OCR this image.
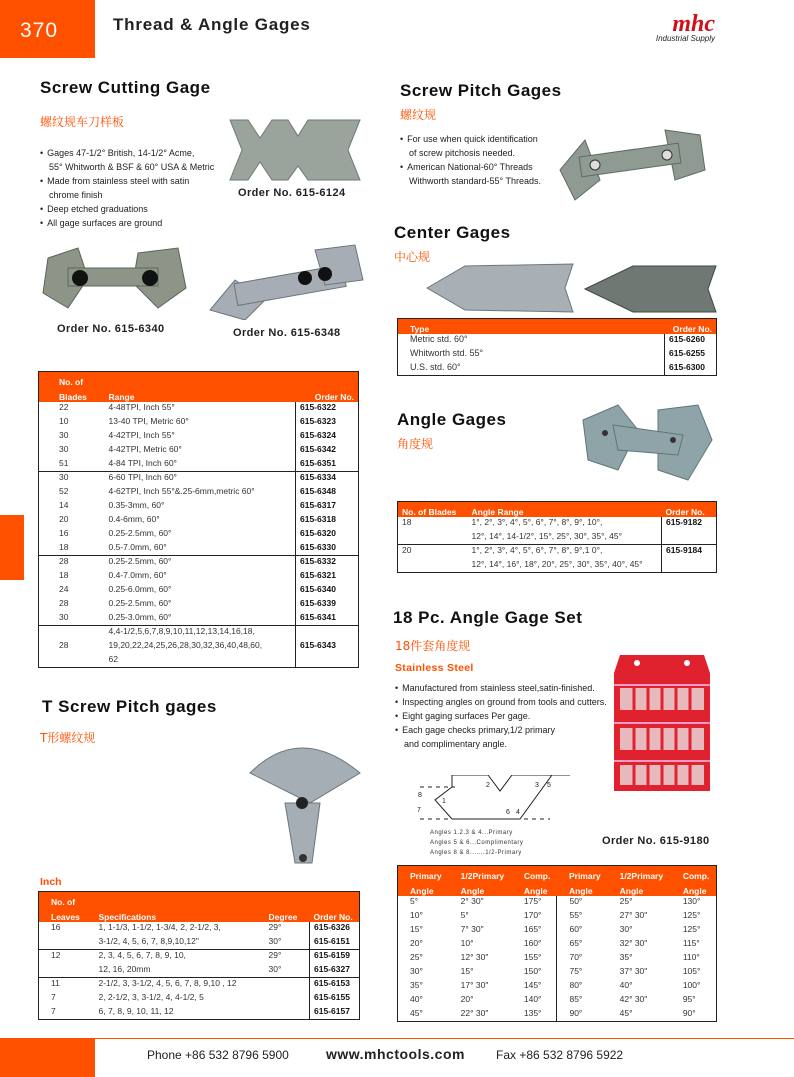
370	Thread & Angle Gages	mhc
Industrial Supply
Screw Cutting Gage
螺纹规车刀样板
• Gages 47-1/2° British, 14-1/2° Acme,
55° Whitworth & BSF & 60° USA & Metric
• Made from stainless steel with satin
chrome finish
• Deep etched graduations
• All gage surfaces are ground
Order No. 615-6124
Order No. 615-6340	Order No. 615-6348
No. of		
Blades	Range	Order No.
22	4-48TPI, Inch 55°	615-6322
10	13-40 TPI, Metric 60°	615-6323
30	4-42TPI, Inch 55°	615-6324
30	4-42TPI, Metric 60°	615-6342
51	4-84 TPI, Inch 60°	615-6351
30	6-60 TPI, Inch 60°	615-6334
52	4-62TPI, Inch 55°&.25-6mm,metric 60°	615-6348
14	0.35-3mm, 60°	615-6317
20	0.4-6mm, 60°	615-6318
16	0.25-2.5mm, 60°	615-6320
18	0.5-7.0mm, 60°	615-6330
28	0.25-2.5mm, 60°	615-6332
18	0.4-7.0mm, 60°	615-6321
24	0.25-6.0mm, 60°	615-6340
28	0.25-2.5mm, 60°	615-6339
30	0.25-3.0mm, 60°	615-6341
	4,4-1/2,5,6,7,8,9,10,11,12,13,14,16,18,	
28	19,20,22,24,25,26,28,30,32,36,40,48,60,	615-6343
	62	
T Screw Pitch gages
T形螺纹规
Inch
No. of			
Leaves	Specifications	Degree	Order No.
16	1, 1-1/3, 1-1/2, 1-3/4, 2, 2-1/2, 3,	29°	615-6326
	3-1/2, 4, 5, 6, 7, 8,9,10,12"	30°	615-6151
12	2, 3, 4, 5, 6, 7, 8, 9, 10,	29°	615-6159
	12, 16, 20mm	30°	615-6327
11	2-1/2, 3, 3-1/2, 4, 5, 6, 7, 8, 9,10 , 12		615-6153
7	2, 2-1/2, 3, 3-1/2, 4, 4-1/2, 5		615-6155
7	6, 7, 8, 9, 10, 11, 12		615-6157
Screw Pitch Gages
螺纹规
• For use when quick identification
of screw pitchosis needed.
• American National-60° Threads
Withworth standard-55° Threads.
Center Gages
中心规
Type	Order No.
Metric std. 60°	615-6260
Whitworth std. 55°	615-6255
U.S. std. 60°	615-6300
Angle Gages
角度规
No. of Blades	Angle Range	Order No.
18	1°, 2°, 3°, 4°, 5°, 6°, 7°, 8°, 9°, 10°,	615-9182
	12°, 14°, 14-1/2°, 15°, 25°, 30°, 35°, 45°	
20	1°, 2°, 3°, 4°, 5°, 6°, 7°, 8°, 9°,1 0°,	615-9184
	12°, 14°, 16°, 18°, 20°, 25°, 30°, 35°, 40°, 45°	
18 Pc. Angle Gage Set
18件套角度规
Stainless Steel
• Manufactured from stainless steel,satin-finished.
• Inspecting angles on ground from tools and cutters.
• Eight gaging surfaces Per gage.
• Each gage checks primary,1/2 primary
and complimentary angle.
1
2	3
4
5
6
7
8
Angles 1.2.3 & 4...Primary
Angles 5 & 6...Complimentary
Angles 8 & 8.......1/2-Primary
Order No. 615-9180
Primary	1/2Primary	Comp.	Primary	1/2Primary	Comp.
Angle	Angle	Angle	Angle	Angle	Angle
5°	2° 30"	175°	50°	25°	130°
10°	5°	170°	55°	27° 30"	125°
15°	7° 30"	165°	60°	30°	125°
20°	10°	160°	65°	32° 30"	115°
25°	12° 30"	155°	70°	35°	110°
30°	15°	150°	75°	37° 30"	105°
35°	17° 30"	145°	80°	40°	100°
40°	20°	140°	85°	42° 30"	95°
45°	22° 30"	135°	90°	45°	90°
Phone +86 532 8796 5900	www.mhctools.com	Fax +86 532 8796 5922
